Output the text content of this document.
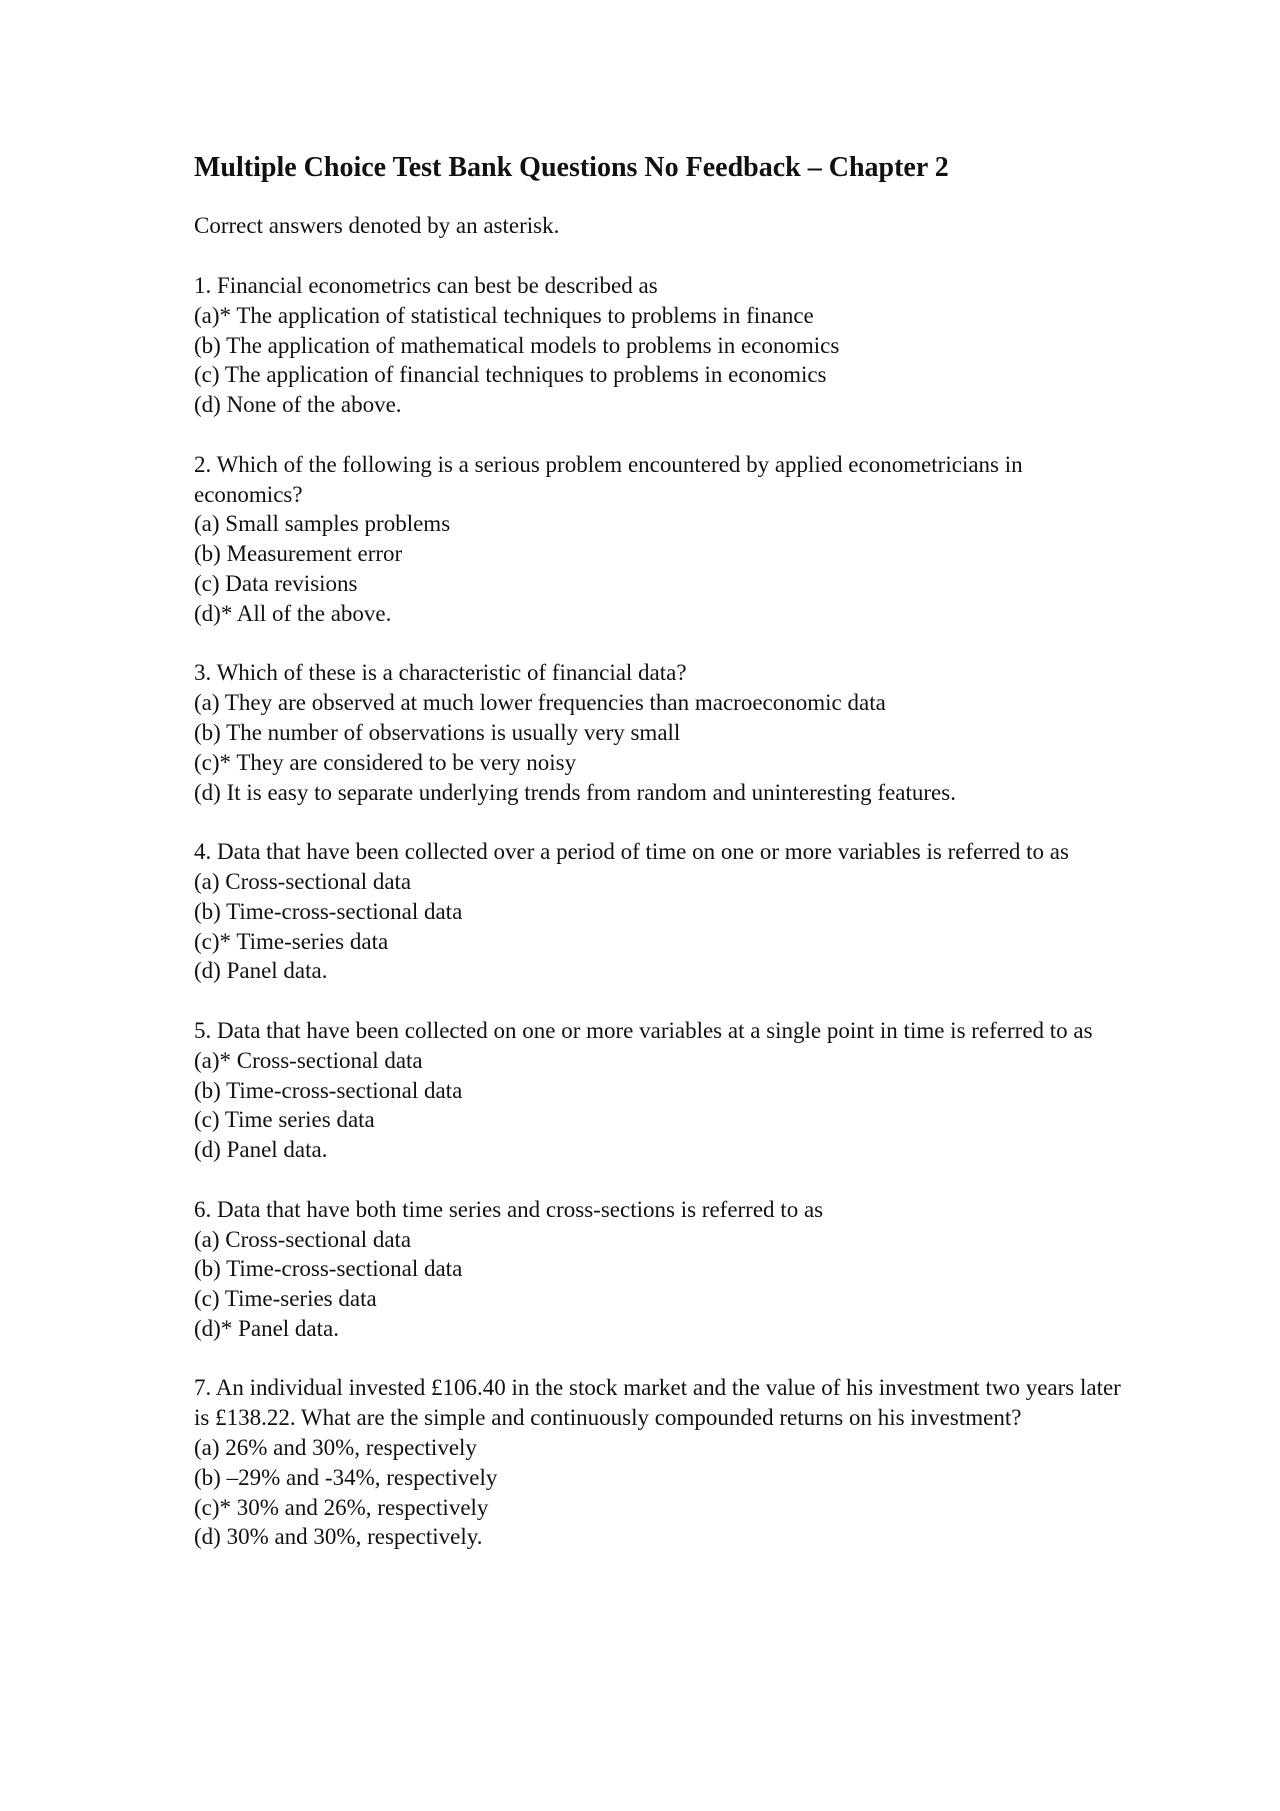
Multiple Choice Test Bank Questions No Feedback – Chapter 2

Correct answers denoted by an asterisk.

1. Financial econometrics can best be described as
(a)* The application of statistical techniques to problems in finance
(b) The application of mathematical models to problems in economics
(c) The application of financial techniques to problems in economics
(d) None of the above.
2. Which of the following is a serious problem encountered by applied econometricians in economics?
(a) Small samples problems
(b) Measurement error
(c) Data revisions
(d)* All of the above.
3. Which of these is a characteristic of financial data?
(a) They are observed at much lower frequencies than macroeconomic data
(b) The number of observations is usually very small
(c)* They are considered to be very noisy
(d) It is easy to separate underlying trends from random and uninteresting features.
4. Data that have been collected over a period of time on one or more variables is referred to as
(a) Cross-sectional data
(b) Time-cross-sectional data
(c)* Time-series data
(d) Panel data.
5. Data that have been collected on one or more variables at a single point in time is referred to as
(a)* Cross-sectional data
(b) Time-cross-sectional data
(c) Time series data
(d) Panel data.
6. Data that have both time series and cross-sections is referred to as
(a) Cross-sectional data
(b) Time-cross-sectional data
(c) Time-series data
(d)* Panel data.
7. An individual invested £106.40 in the stock market and the value of his investment two years later is £138.22. What are the simple and continuously compounded returns on his investment?
(a) 26% and 30%, respectively
(b) –29% and -34%, respectively
(c)* 30% and 26%, respectively
(d) 30% and 30%, respectively.
